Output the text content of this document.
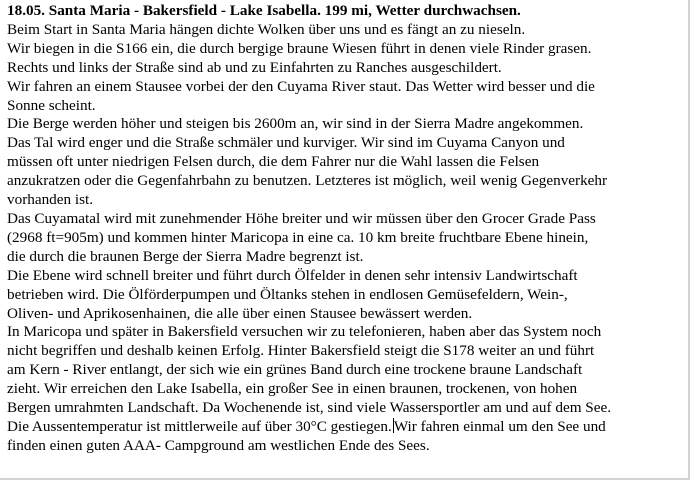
18.05. Santa Maria - Bakersfield - Lake Isabella. 199 mi, Wetter durchwachsen.

Beim Start in Santa Maria hängen dichte Wolken über uns und es fängt an zu nieseln.

Wir biegen in die S166 ein, die durch bergige braune Wiesen führt in denen viele Rinder grasen.

Rechts und links der Straße sind ab und zu Einfahrten zu Ranches ausgeschildert.

Wir fahren an einem Stausee vorbei der den Cuyama River staut. Das Wetter wird besser und die

Sonne scheint.

Die Berge werden höher und steigen bis 2600m an, wir sind in der Sierra Madre angekommen.

Das Tal wird enger und die Straße schmäler und kurviger. Wir sind im Cuyama Canyon und

müssen oft unter niedrigen Felsen durch, die dem Fahrer nur die Wahl lassen die Felsen

anzukratzen oder die Gegenfahrbahn zu benutzen. Letzteres ist möglich, weil wenig Gegenverkehr

vorhanden ist.

Das Cuyamatal wird mit zunehmender Höhe breiter und wir müssen über den Grocer Grade Pass

(2968 ft=905m) und kommen hinter Maricopa in eine ca. 10 km breite fruchtbare Ebene hinein,

die durch die braunen Berge der Sierra Madre begrenzt ist.

Die Ebene wird schnell breiter und führt durch Ölfelder in denen sehr intensiv Landwirtschaft

betrieben wird. Die Ölförderpumpen und Öltanks stehen in endlosen Gemüsefeldern, Wein-,

Oliven- und Aprikosenhainen, die alle über einen Stausee bewässert werden.

In Maricopa und später in Bakersfield versuchen wir zu telefonieren, haben aber das System noch

nicht begriffen und deshalb keinen Erfolg. Hinter Bakersfield steigt die S178 weiter an und führt

am Kern - River entlangt, der sich wie ein grünes Band durch eine trockene braune Landschaft

zieht. Wir erreichen den Lake Isabella, ein großer See in einen braunen, trockenen, von hohen

Bergen umrahmten Landschaft. Da Wochenende ist, sind viele Wassersportler am und auf dem See.

Die Aussentemperatur ist mittlerweile auf über 30°C gestiegen. Wir fahren einmal um den See und

finden einen guten AAA- Campground am westlichen Ende des Sees.
